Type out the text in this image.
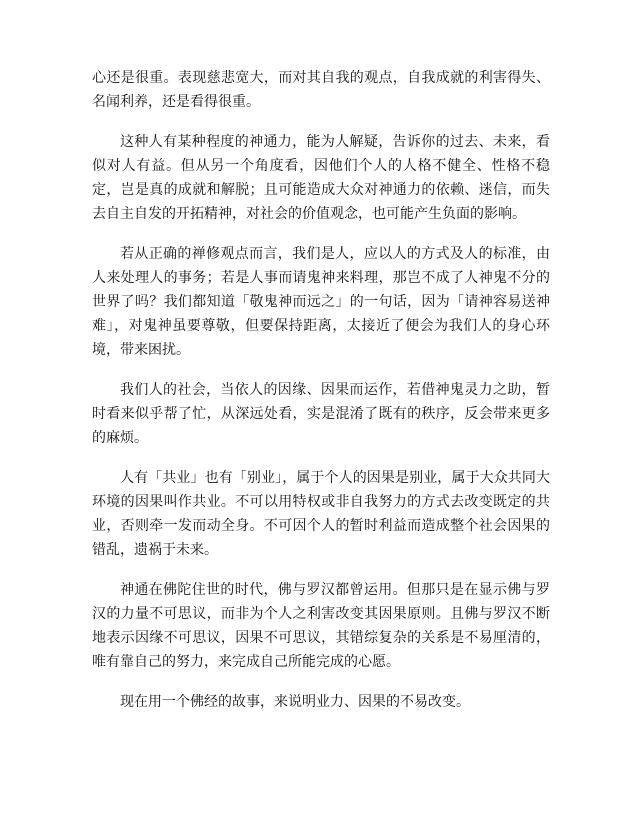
心还是很重。表现慈悲宽大，而对其自我的观点，自我成就的利害得失、名闻利养，还是看得很重。

这种人有某种程度的神通力，能为人解疑，告诉你的过去、未来，看似对人有益。但从另一个角度看，因他们个人的人格不健全、性格不稳定，岂是真的成就和解脱；且可能造成大众对神通力的依赖、迷信，而失去自主自发的开拓精神，对社会的价值观念，也可能产生负面的影响。

若从正确的禅修观点而言，我们是人，应以人的方式及人的标准，由人来处理人的事务；若是人事而请鬼神来料理，那岂不成了人神鬼不分的世界了吗？我们都知道「敬鬼神而远之」的一句话，因为「请神容易送神难」，对鬼神虽要尊敬，但要保持距离，太接近了便会为我们人的身心环境，带来困扰。

我们人的社会，当依人的因缘、因果而运作，若借神鬼灵力之助，暂时看来似乎帮了忙，从深远处看，实是混淆了既有的秩序，反会带来更多的麻烦。

人有「共业」也有「别业」，属于个人的因果是别业，属于大众共同大环境的因果叫作共业。不可以用特权或非自我努力的方式去改变既定的共业，否则牵一发而动全身。不可因个人的暂时利益而造成整个社会因果的错乱，遗祸于未来。

神通在佛陀住世的时代，佛与罗汉都曾运用。但那只是在显示佛与罗汉的力量不可思议，而非为个人之利害改变其因果原则。且佛与罗汉不断地表示因缘不可思议，因果不可思议，其错综复杂的关系是不易厘清的，唯有靠自己的努力，来完成自己所能完成的心愿。

现在用一个佛经的故事，来说明业力、因果的不易改变。
